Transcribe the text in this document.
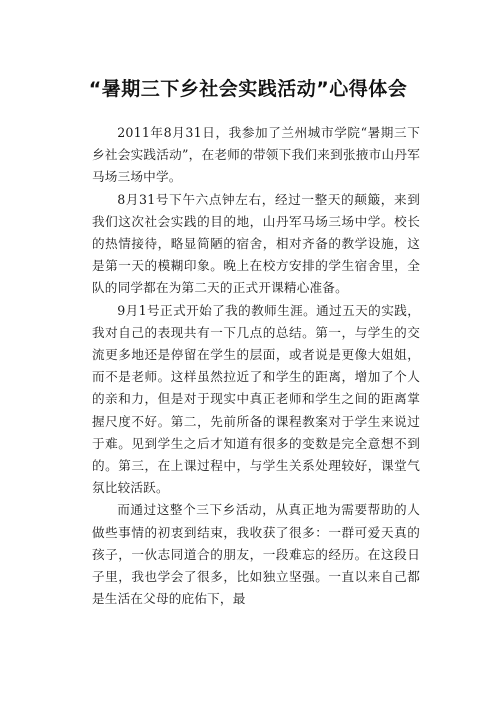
“暑期三下乡社会实践活动”心得体会

2011年8月31日，我参加了兰州城市学院“暑期三下乡社会实践活动”，在老师的带领下我们来到张掖市山丹军马场三场中学。

8月31号下午六点钟左右，经过一整天的颠簸，来到我们这次社会实践的目的地，山丹军马场三场中学。校长的热情接待，略显简陋的宿舍，相对齐备的教学设施，这是第一天的模糊印象。晚上在校方安排的学生宿舍里，全队的同学都在为第二天的正式开课精心准备。

9月1号正式开始了我的教师生涯。通过五天的实践，我对自己的表现共有一下几点的总结。第一，与学生的交流更多地还是停留在学生的层面，或者说是更像大姐姐，而不是老师。这样虽然拉近了和学生的距离，增加了个人的亲和力，但是对于现实中真正老师和学生之间的距离掌握尺度不好。第二，先前所备的课程教案对于学生来说过于难。见到学生之后才知道有很多的变数是完全意想不到的。第三，在上课过程中，与学生关系处理较好，课堂气氛比较活跃。

而通过这整个三下乡活动，从真正地为需要帮助的人做些事情的初衷到结束，我收获了很多：一群可爱天真的孩子，一伙志同道合的朋友，一段难忘的经历。在这段日子里，我也学会了很多，比如独立坚强。一直以来自己都是生活在父母的庇佑下，最
